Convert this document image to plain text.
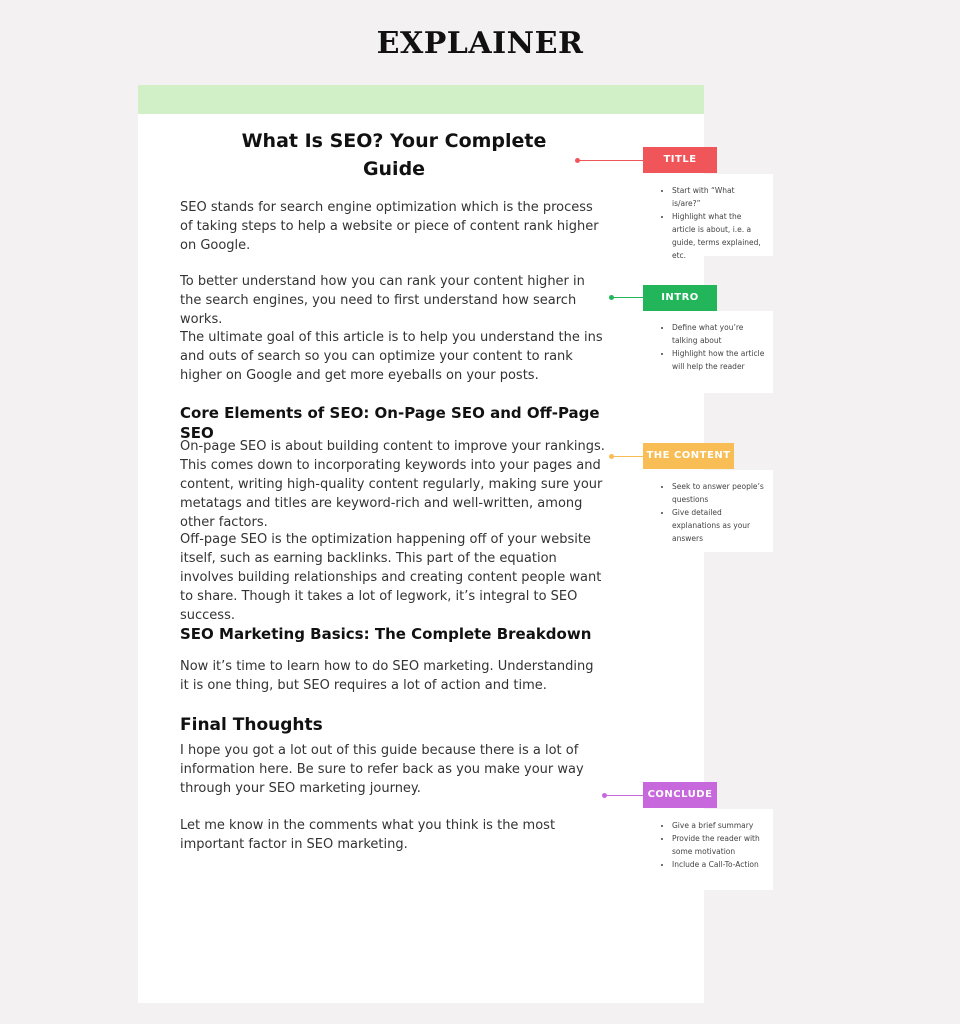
EXPLAINER
What Is SEO? Your Complete Guide

SEO stands for search engine optimization which is the process of taking steps to help a website or piece of content rank higher on Google.

To better understand how you can rank your content higher in the search engines, you need to first understand how search works.

The ultimate goal of this article is to help you understand the ins and outs of search so you can optimize your content to rank higher on Google and get more eyeballs on your posts.

Core Elements of SEO: On-Page SEO and Off-Page SEO

On-page SEO is about building content to improve your rankings. This comes down to incorporating keywords into your pages and content, writing high-quality content regularly, making sure your metatags and titles are keyword-rich and well-written, among other factors.

Off-page SEO is the optimization happening off of your website itself, such as earning backlinks. This part of the equation involves building relationships and creating content people want to share. Though it takes a lot of legwork, it’s integral to SEO success.

SEO Marketing Basics: The Complete Breakdown

Now it’s time to learn how to do SEO marketing. Understanding it is one thing, but SEO requires a lot of action and time.

Final Thoughts

I hope you got a lot out of this guide because there is a lot of information here. Be sure to refer back as you make your way through your SEO marketing journey.

Let me know in the comments what you think is the most important factor in SEO marketing.

TITLE
• Start with “What is/are?”
• Highlight what the article is about, i.e. a guide, terms explained, etc.
INTRO
• Define what you’re talking about
• Highlight how the article will help the reader
THE CONTENT
• Seek to answer people’s questions
• Give detailed explanations as your answers
CONCLUDE
• Give a brief summary
• Provide the reader with some motivation
• Include a Call-To-Action
